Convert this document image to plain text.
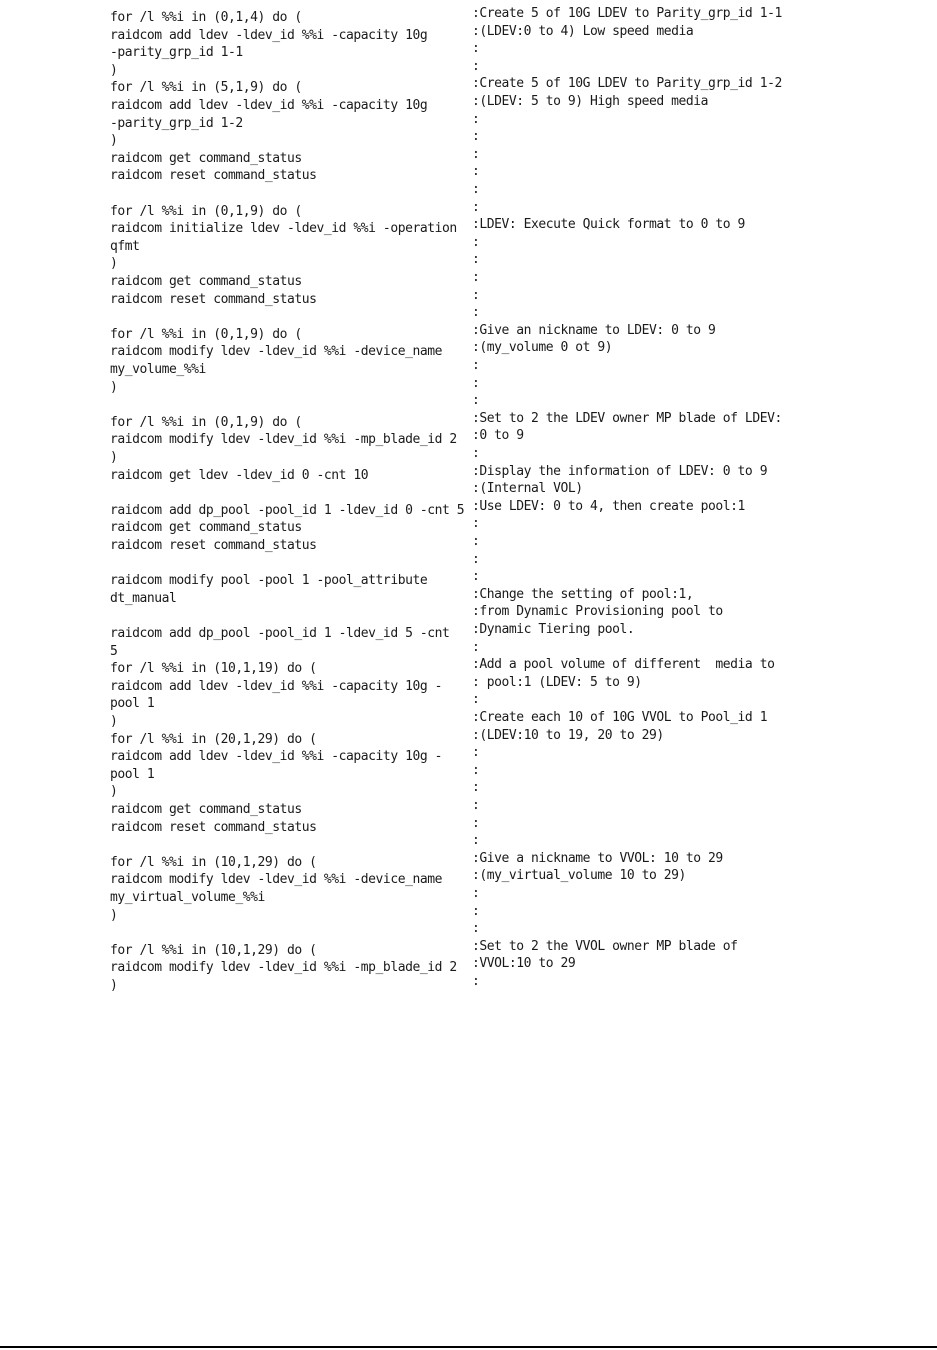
for /l %%i in (0,1,4) do (
raidcom add ldev -ldev_id %%i -capacity 10g
-parity_grp_id 1-1
)
for /l %%i in (5,1,9) do (
raidcom add ldev -ldev_id %%i -capacity 10g
-parity_grp_id 1-2
)
raidcom get command_status
raidcom reset command_status
for /l %%i in (0,1,9) do (
raidcom initialize ldev -ldev_id %%i -operation
qfmt
)
raidcom get command_status
raidcom reset command_status
for /l %%i in (0,1,9) do (
raidcom modify ldev -ldev_id %%i -device_name
my_volume_%%i
)
for /l %%i in (0,1,9) do (
raidcom modify ldev -ldev_id %%i -mp_blade_id 2
)
raidcom get ldev -ldev_id 0 -cnt 10
raidcom add dp_pool -pool_id 1 -ldev_id 0 -cnt 5
raidcom get command_status
raidcom reset command_status
raidcom modify pool -pool 1 -pool_attribute
dt_manual
raidcom add dp_pool -pool_id 1 -ldev_id 5 -cnt
5
for /l %%i in (10,1,19) do (
raidcom add ldev -ldev_id %%i -capacity 10g -
pool 1
)
for /l %%i in (20,1,29) do (
raidcom add ldev -ldev_id %%i -capacity 10g -
pool 1
)
raidcom get command_status
raidcom reset command_status
for /l %%i in (10,1,29) do (
raidcom modify ldev -ldev_id %%i -device_name
my_virtual_volume_%%i
)
for /l %%i in (10,1,29) do (
raidcom modify ldev -ldev_id %%i -mp_blade_id 2
)
:Create 5 of 10G LDEV to Parity_grp_id 1-1
:(LDEV:0 to 4) Low speed media
:
:
:Create 5 of 10G LDEV to Parity_grp_id 1-2
:(LDEV: 5 to 9) High speed media
:
:
:
:
:
:
:LDEV: Execute Quick format to 0 to 9
:
:
:
:
:
:Give an nickname to LDEV: 0 to 9
:(my_volume 0 ot 9)
:
:
:
:Set to 2 the LDEV owner MP blade of LDEV:
:0 to 9
:
:Display the information of LDEV: 0 to 9
:(Internal VOL)
:Use LDEV: 0 to 4, then create pool:1
:
:
:
:
:Change the setting of pool:1,
:from Dynamic Provisioning pool to
:Dynamic Tiering pool.
:
:Add a pool volume of different  media to
: pool:1 (LDEV: 5 to 9)
:
:Create each 10 of 10G VVOL to Pool_id 1
:(LDEV:10 to 19, 20 to 29)
:
:
:
:
:
:
:Give a nickname to VVOL: 10 to 29
:(my_virtual_volume 10 to 29)
:
:
:
:Set to 2 the VVOL owner MP blade of
:VVOL:10 to 29
:
